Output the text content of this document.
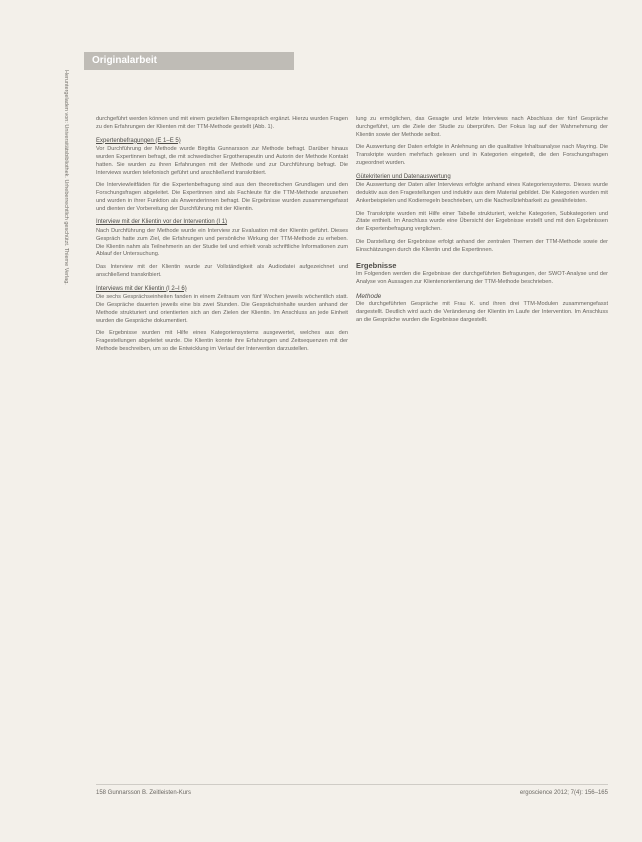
Originalarbeit
Heruntergeladen von: Universitätsbibliothek. Urheberrechtlich geschützt. Thieme Verlag.	durchgeführt werden können und mit einem gezielten Elterngespräch ergänzt. Hierzu wurden Fragen zu den Erfahrungen der Klienten mit der TTM-Methode gestellt (Abb. 1).

Expertenbefragungen (E 1–E 5)

Vor Durchführung der Methode wurde Birgitta Gunnarsson zur Methode befragt. Darüber hinaus wurden Expertinnen befragt, die mit schwedischer Ergotherapeutin und Autorin der Methode Kontakt hatten. Sie wurden zu ihren Erfahrungen mit der Methode und zur Durchführung befragt. Die Interviews wurden telefonisch geführt und anschließend transkribiert.

Die Interviewleitfäden für die Expertenbefragung sind aus den theoretischen Grundlagen und den Forschungsfragen abgeleitet. Die Expertinnen sind als Fachleute für die TTM-Methode anzusehen und wurden in ihrer Funktion als Anwenderinnen befragt. Die Ergebnisse wurden zusammengefasst und dienten der Vorbereitung der Durchführung mit der Klientin.

Interview mit der Klientin vor der Intervention (I 1)

Nach Durchführung der Methode wurde ein Interview zur Evaluation mit der Klientin geführt. Dieses Gespräch hatte zum Ziel, die Erfahrungen und persönliche Wirkung der TTM-Methode zu erheben. Die Klientin nahm als Teilnehmerin an der Studie teil und erhielt vorab schriftliche Informationen zum Ablauf der Untersuchung.

Das Interview mit der Klientin wurde zur Vollständigkeit als Audiodatei aufgezeichnet und anschließend transkribiert.

Interviews mit der Klientin (I 2–I 6)

Die sechs Gesprächseinheiten fanden in einem Zeitraum von fünf Wochen jeweils wöchentlich statt. Die Gespräche dauerten jeweils eine bis zwei Stunden. Die Gesprächsinhalte wurden anhand der Methode strukturiert und orientierten sich an den Zielen der Klientin. Im Anschluss an jede Einheit wurden die Gespräche dokumentiert.

Die Ergebnisse wurden mit Hilfe eines Kategoriensystems ausgewertet, welches aus den Fragestellungen abgeleitet wurde. Die Klientin konnte ihre Erfahrungen und Zeitsequenzen mit der Methode beschreiben, um so die Entwicklung im Verlauf der Intervention darzustellen.

lung zu ermöglichen, das Gesagte und letzte Interviews nach Abschluss der fünf Gespräche durchgeführt, um die Ziele der Studie zu überprüfen. Der Fokus lag auf der Wahrnehmung der Klientin sowie der Methode selbst.

Die Auswertung der Daten erfolgte in Anlehnung an die qualitative Inhaltsanalyse nach Mayring. Die Transkripte wurden mehrfach gelesen und in Kategorien eingeteilt, die den Forschungsfragen zugeordnet wurden.

Gütekriterien und Datenauswertung

Die Auswertung der Daten aller Interviews erfolgte anhand eines Kategoriensystems. Dieses wurde deduktiv aus den Fragestellungen und induktiv aus dem Material gebildet. Die Kategorien wurden mit Ankerbeispielen und Kodierregeln beschrieben, um die Nachvollziehbarkeit zu gewährleisten.

Die Transkripte wurden mit Hilfe einer Tabelle strukturiert, welche Kategorien, Subkategorien und Zitate enthielt. Im Anschluss wurde eine Übersicht der Ergebnisse erstellt und mit den Ergebnissen der Expertenbefragung verglichen.

Die Darstellung der Ergebnisse erfolgt anhand der zentralen Themen der TTM-Methode sowie der Einschätzungen durch die Klientin und die Expertinnen.

Ergebnisse

Im Folgenden werden die Ergebnisse der durchgeführten Befragungen, der SWOT-Analyse und der Analyse von Aussagen zur Klientenorientierung der TTM-Methode beschrieben.

Methode

Die durchgeführten Gespräche mit Frau K. und ihren drei TTM-Modulen zusammengefasst dargestellt. Deutlich wird auch die Veränderung der Klientin im Laufe der Intervention. Im Anschluss an die Gespräche wurden die Ergebnisse dargestellt.

158 Gunnarsson B. Zeitleisten-Kurs	ergoscience 2012; 7(4): 156–165
